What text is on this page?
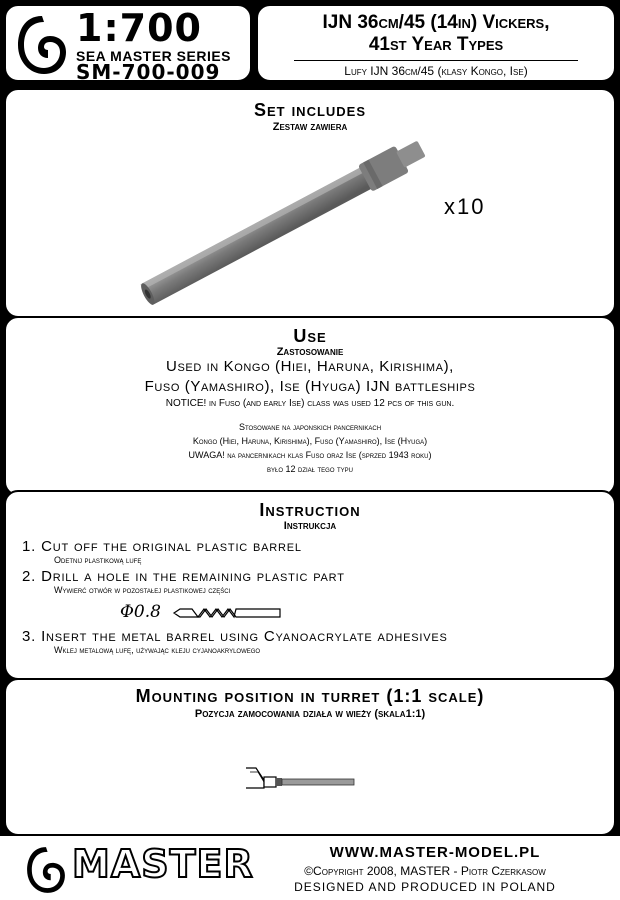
1:700
SEA MASTER SERIES
SM-700-009
IJN 36cm/45 (14in) Vickers,
41st Year Types
Lufy IJN 36cm/45 (klasy Kongo, Ise)
Set includes
Zestaw zawiera
x10
Use
Zastosowanie
Used in Kongo (Hiei, Haruna, Kirishima),
Fuso (Yamashiro), Ise (Hyuga) IJN battleships
NOTICE! in Fuso (and early Ise) class was used 12 pcs of this gun.
Stosowane na japonskich pancernikach
Kongo (Hiei, Haruna, Kirishima), Fuso (Yamashiro), Ise (Hyuga)
UWAGA! na pancernikach klas Fuso oraz Ise (sprzed 1943 roku)
było 12 dział tego typu
Instruction
Instrukcja
1. Cut off the original plastic barrel
Odetnij plastikową lufę
2. Drill a hole in the remaining plastic part
Wywierć otwór w pozostałej plastikowej części
Φ0.8
3. Insert the metal barrel using Cyanoacrylate adhesives
Wklej metalową lufę, używając kleju cyjanoakrylowego
Mounting position in turret (1:1 scale)
Pozycja zamocowania działa w wieży (skala1:1)
MASTER	WWW.MASTER-MODEL.PL
©Copyright 2008, MASTER - Piotr Czerkasow
DESIGNED AND PRODUCED IN POLAND
